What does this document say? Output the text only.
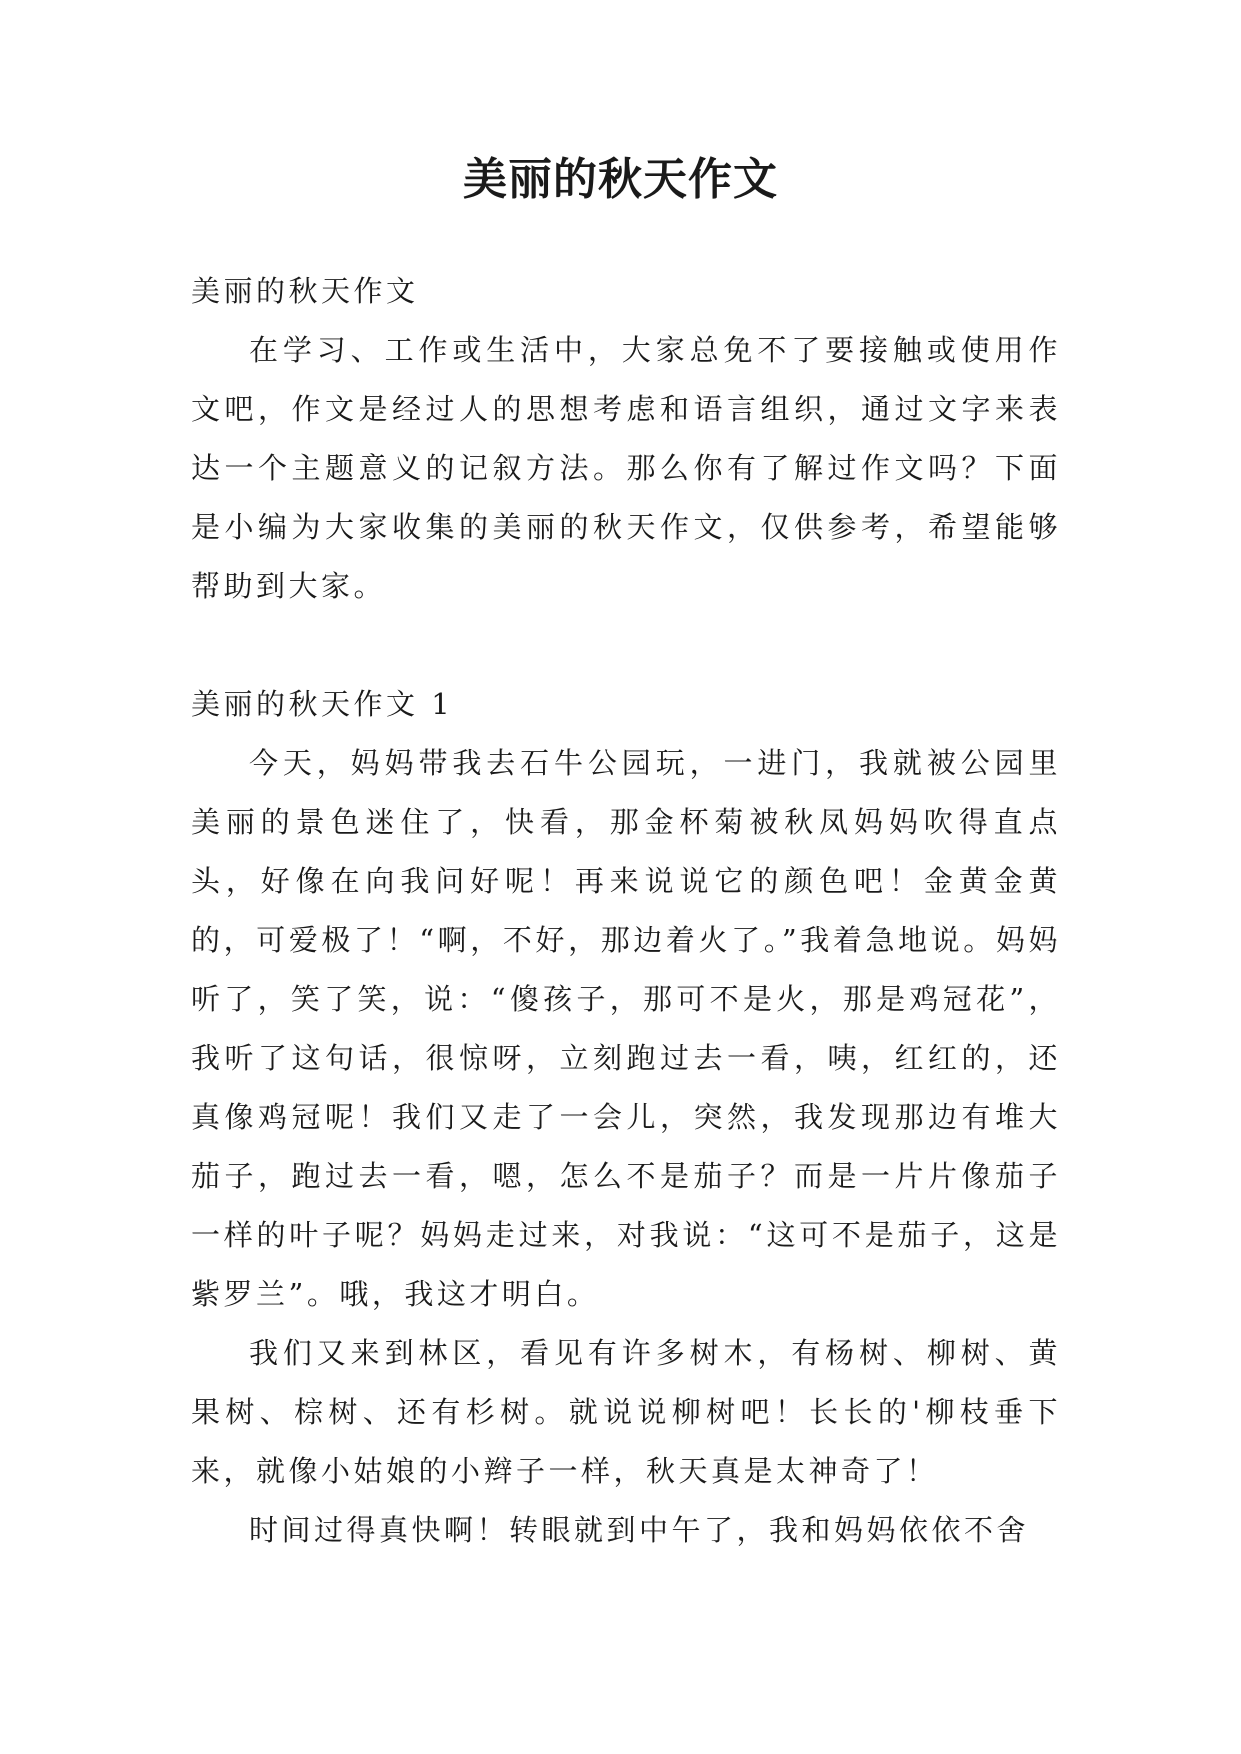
美丽的秋天作文

美丽的秋天作文

在学习、工作或生活中，大家总免不了要接触或使用作文吧，作文是经过人的思想考虑和语言组织，通过文字来表达一个主题意义的记叙方法。那么你有了解过作文吗？下面是小编为大家收集的美丽的秋天作文，仅供参考，希望能够帮助到大家。

美丽的秋天作文 1

今天，妈妈带我去石牛公园玩，一进门，我就被公园里美丽的景色迷住了，快看，那金杯菊被秋凤妈妈吹得直点头，好像在向我问好呢！再来说说它的颜色吧！金黄金黄的，可爱极了！“啊，不好，那边着火了。”我着急地说。妈妈听了，笑了笑，说：“傻孩子，那可不是火，那是鸡冠花”，我听了这句话，很惊呀，立刻跑过去一看，咦，红红的，还真像鸡冠呢！我们又走了一会儿，突然，我发现那边有堆大茄子，跑过去一看，嗯，怎么不是茄子？而是一片片像茄子一样的叶子呢？妈妈走过来，对我说：“这可不是茄子，这是紫罗兰”。哦，我这才明白。

我们又来到林区，看见有许多树木，有杨树、柳树、黄果树、棕树、还有杉树。就说说柳树吧！长长的'柳枝垂下来，就像小姑娘的小辫子一样，秋天真是太神奇了！

时间过得真快啊！转眼就到中午了，我和妈妈依依不舍
